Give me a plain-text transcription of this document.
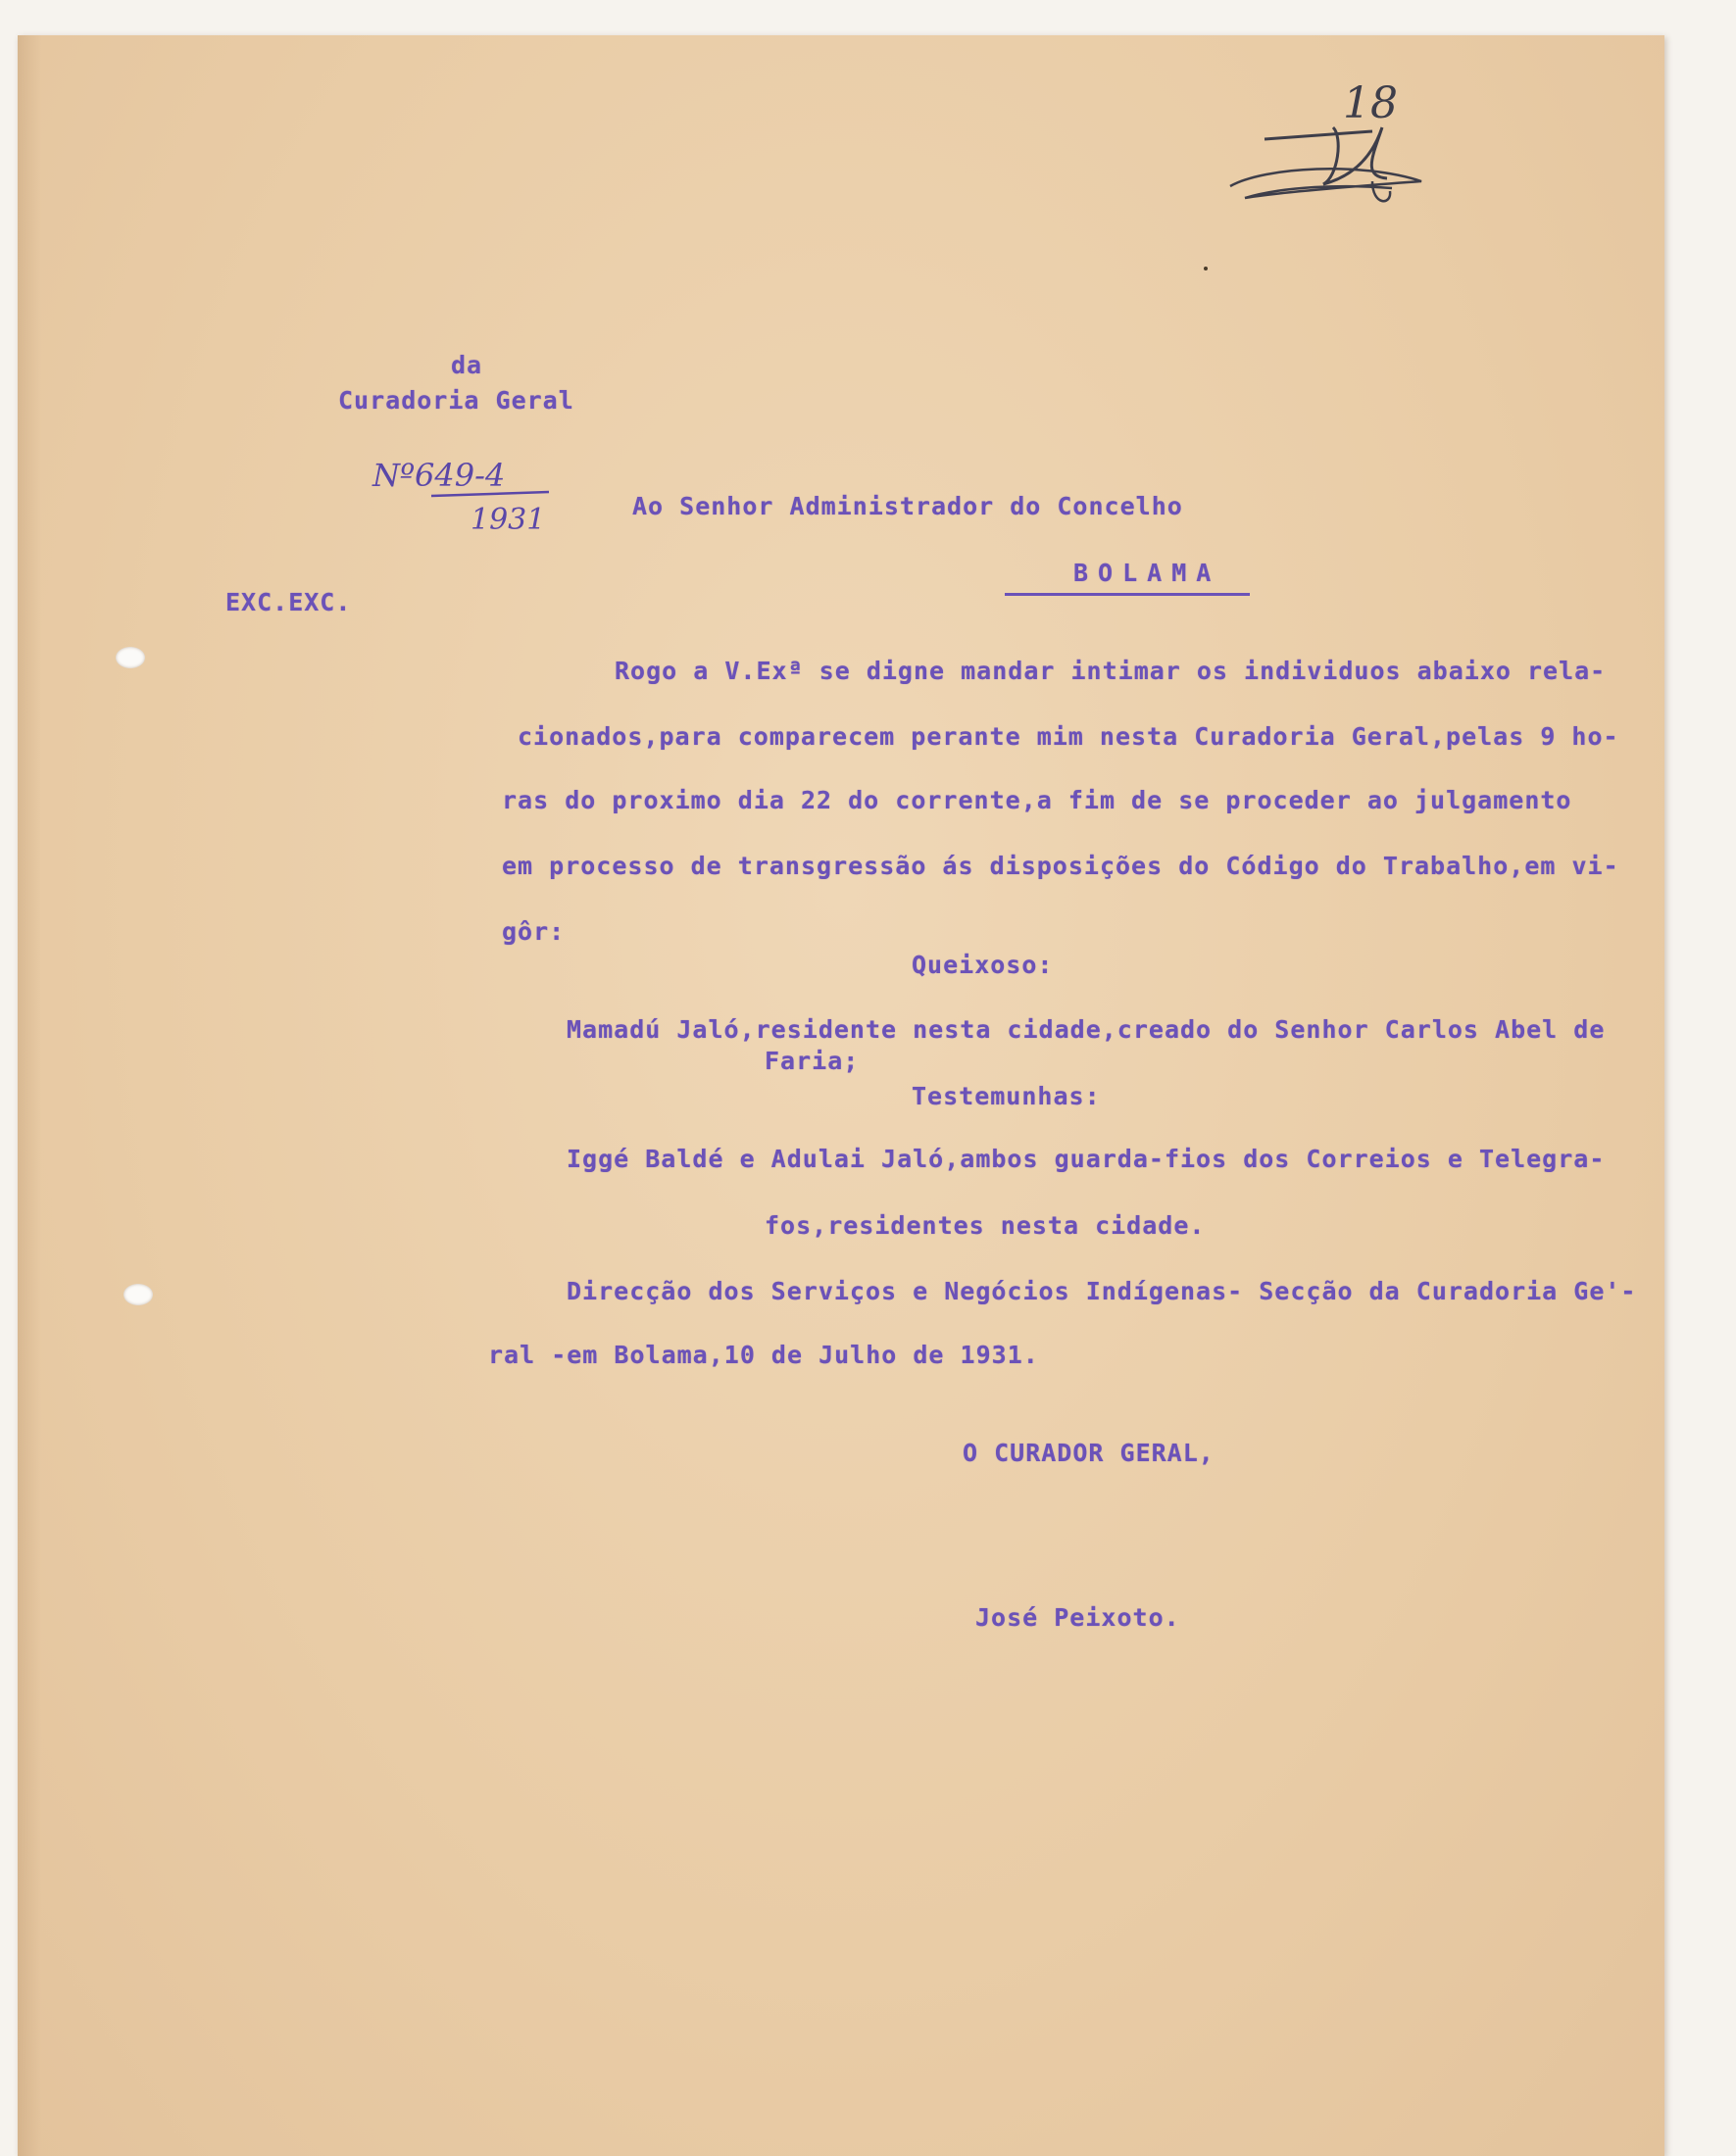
18

da

Curadoria Geral

Nº649-4
1931	Ao Senhor Administrador do Concelho

BOLAMA

EXC.EXC.

Rogo a V.Exª se digne mandar intimar os individuos abaixo rela-

cionados,para comparecem perante mim nesta Curadoria Geral,pelas 9 ho-

ras do proximo dia 22 do corrente,a fim de se proceder ao julgamento

em processo de transgressão ás disposições do Código do Trabalho,em vi-

gôr:

Queixoso:

Mamadú Jaló,residente nesta cidade,creado do Senhor Carlos Abel de

Faria;

Testemunhas:

Iggé Baldé e Adulai Jaló,ambos guarda-fios dos Correios e Telegra-

fos,residentes nesta cidade.

Direcção dos Serviços e Negócios Indígenas- Secção da Curadoria Ge'-

ral -em Bolama,10 de Julho de 1931.

O CURADOR GERAL,

José Peixoto.
